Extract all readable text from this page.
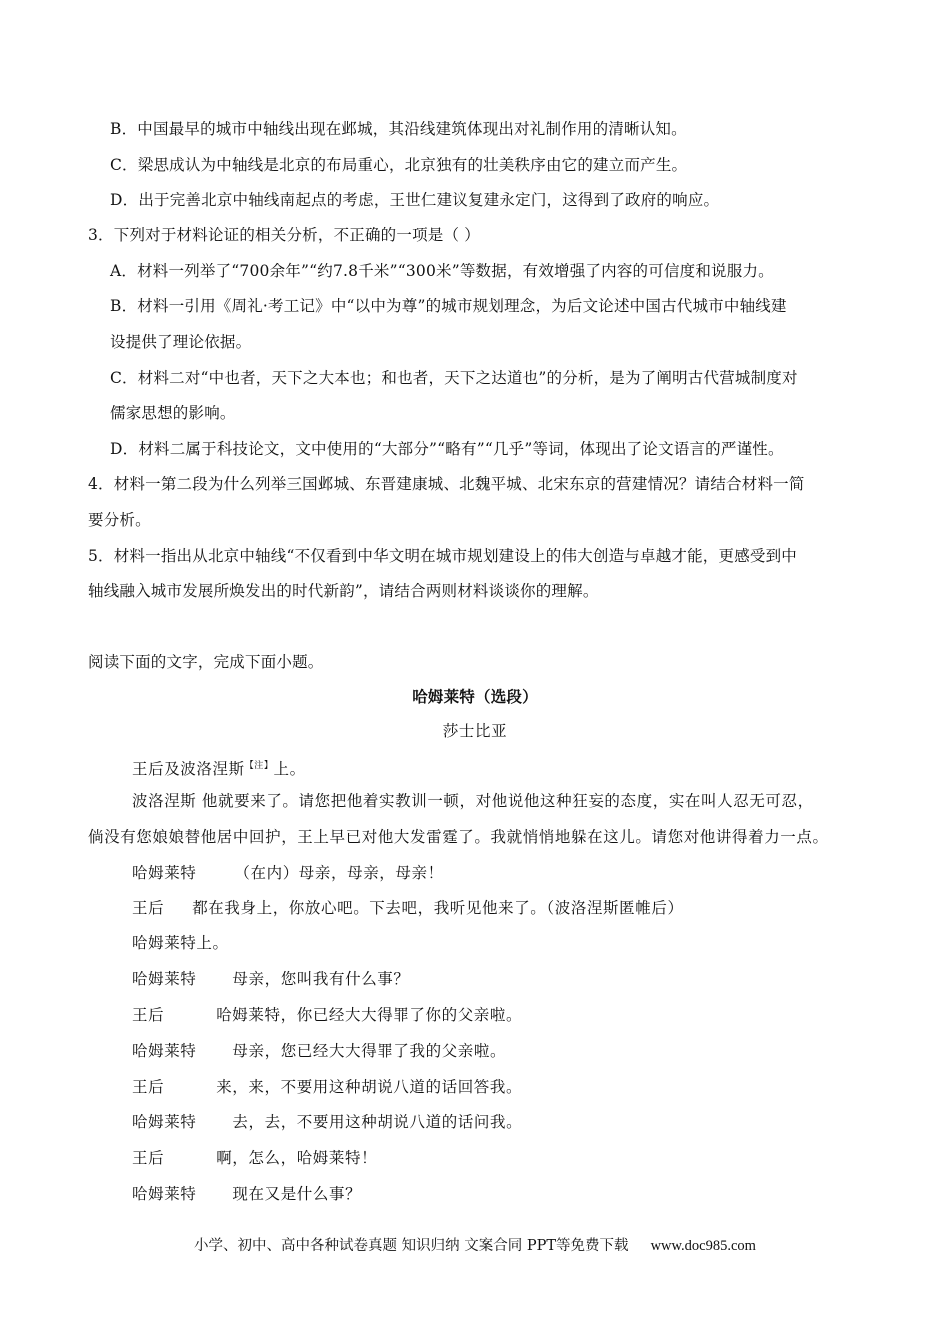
B．中国最早的城市中轴线出现在邺城，其沿线建筑体现出对礼制作用的清晰认知。
C．梁思成认为中轴线是北京的布局重心，北京独有的壮美秩序由它的建立而产生。
D．出于完善北京中轴线南起点的考虑，王世仁建议复建永定门，这得到了政府的响应。
3．下列对于材料论证的相关分析，不正确的一项是（ ）
A．材料一列举了“700余年”“约7.8千米”“300米”等数据，有效增强了内容的可信度和说服力。
B．材料一引用《周礼·考工记》中“以中为尊”的城市规划理念，为后文论述中国古代城市中轴线建
设提供了理论依据。
C．材料二对“中也者，天下之大本也；和也者，天下之达道也”的分析，是为了阐明古代营城制度对
儒家思想的影响。
D．材料二属于科技论文，文中使用的“大部分”“略有”“几乎”等词，体现出了论文语言的严谨性。
4．材料一第二段为什么列举三国邺城、东晋建康城、北魏平城、北宋东京的营建情况？请结合材料一简
要分析。
5．材料一指出从北京中轴线“不仅看到中华文明在城市规划建设上的伟大创造与卓越才能，更感受到中
轴线融入城市发展所焕发出的时代新韵”，请结合两则材料谈谈你的理解。
阅读下面的文字，完成下面小题。
哈姆莱特（选段）
莎士比亚
王后及波洛涅斯$^{【注】}$上。
波洛涅斯 他就要来了。请您把他着实教训一顿，对他说他这种狂妄的态度，实在叫人忍无可忍，
倘没有您娘娘替他居中回护，王上早已对他大发雷霆了。我就悄悄地躲在这儿。请您对他讲得着力一点。
哈姆莱特 （在内）母亲，母亲，母亲！
王后 都在我身上，你放心吧。下去吧，我听见他来了。（波洛涅斯匿帷后）
哈姆莱特上。
哈姆莱特 母亲，您叫我有什么事？
王后	哈姆莱特，你已经大大得罪了你的父亲啦。
哈姆莱特 母亲，您已经大大得罪了我的父亲啦。
王后	来，来，不要用这种胡说八道的话回答我。
哈姆莱特 去，去，不要用这种胡说八道的话问我。
王后	啊，怎么，哈姆莱特！
哈姆莱特 现在又是什么事？
小学、初中、高中各种试卷真题 知识归纳 文案合同 PPT等免费下载 www.doc985.com
